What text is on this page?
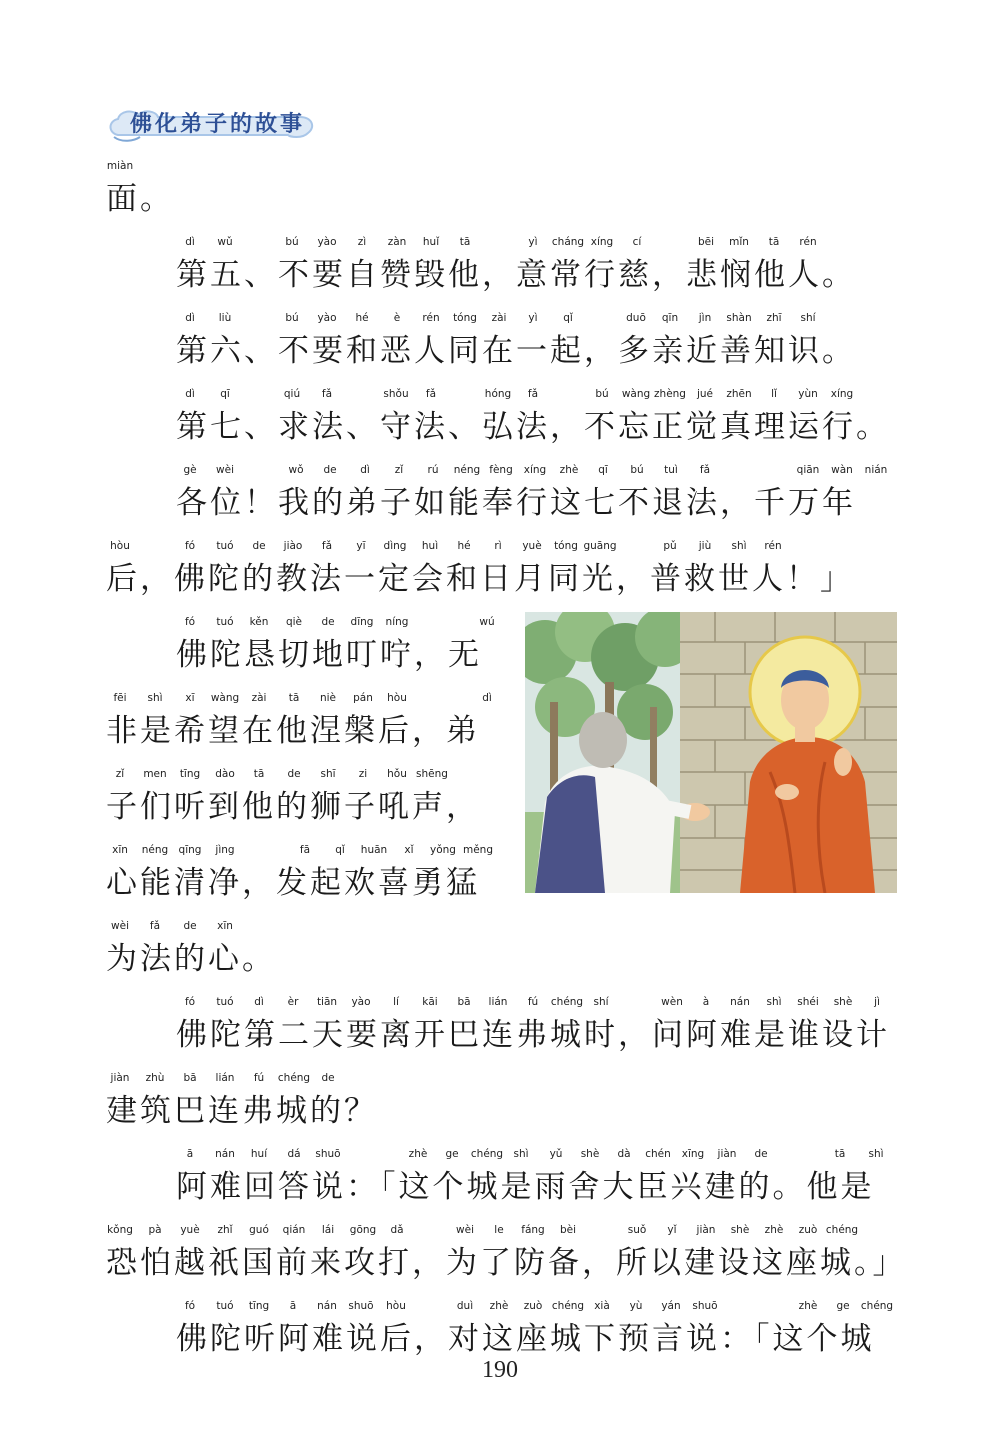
佛化弟子的故事
miàn
面。
dì wǔ	bú yào zì zàn huǐ tā	yì cháng xíng cí	bēi mǐn tā rén
第五、不要自赞毁他，意常行慈，悲悯他人。
dì liù	bú yào hé è rén tóng zài yì qǐ	duō qīn jìn shàn zhī shí
第六、不要和恶人同在一起，多亲近善知识。
dì qī	qiú fǎ	shǒu fǎ	hóng fǎ	bú wàng zhèng jué zhēn lǐ yùn xíng
第七、求法、守法、弘法，不忘正觉真理运行。
gè wèi	wǒ de dì zǐ rú néng fèng xíng zhè qī bú tuì fǎ	qiān wàn nián
各位！我的弟子如能奉行这七不退法，千万年
hòu	fó tuó de jiào fǎ yī dìng huì hé rì yuè tóng guāng	pǔ jiù shì rén
后，佛陀的教法一定会和日月同光，普救世人！」
fó tuó kěn qiè de dīng níng	wú
佛陀恳切地叮咛，无
fēi shì xī wàng zài tā niè pán hòu	dì
非是希望在他涅槃后，弟
zǐ men tīng dào tā de shī zi hǒu shēng
子们听到他的狮子吼声，
xīn néng qīng jìng	fā qǐ huān xǐ yǒng měng
心能清净，发起欢喜勇猛
wèi fǎ de xīn
为法的心。
fó tuó dì èr tiān yào lí kāi bā lián fú chéng shí	wèn à nán shì shéi shè jì
佛陀第二天要离开巴连弗城时，问阿难是谁设计
jiàn zhù bā lián fú chéng de
建筑巴连弗城的？
ā nán huí dá shuō	zhè ge chéng shì yǔ shè dà chén xīng jiàn de	tā shì
阿难回答说：「这个城是雨舍大臣兴建的。他是
kǒng pà yuè zhǐ guó qián lái gōng dǎ	wèi le fáng bèi	suǒ yǐ jiàn shè zhè zuò chéng
恐怕越祇国前来攻打，为了防备，所以建设这座城。」
fó tuó tīng ā nán shuō hòu	duì zhè zuò chéng xià yù yán shuō	zhè ge chéng
佛陀听阿难说后，对这座城下预言说：「这个城
190
